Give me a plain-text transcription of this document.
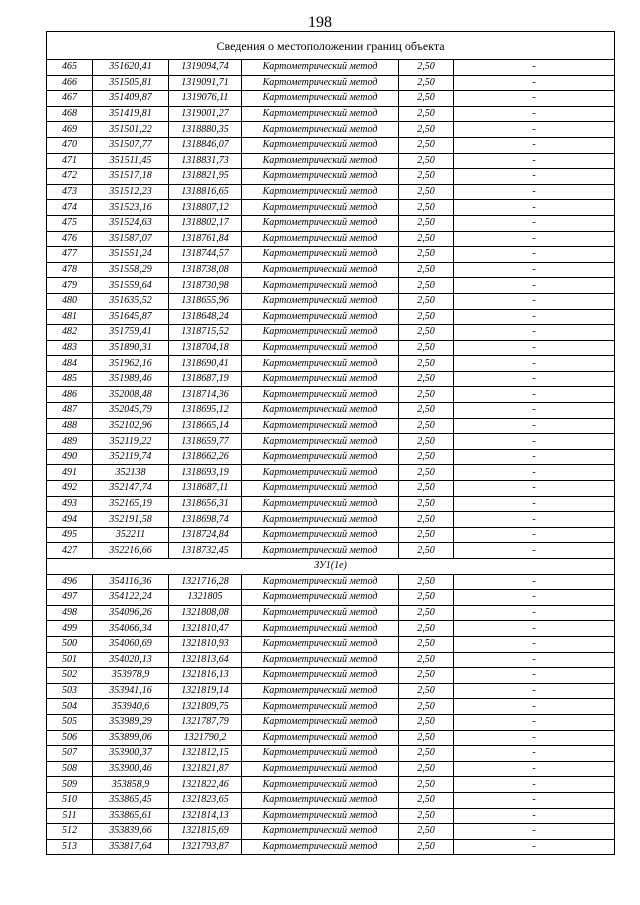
198
Сведения о местоположении границ объекта					
465	351620,41	1319094,74	Картометрический метод	2,50	-
466	351505,81	1319091,71	Картометрический метод	2,50	-
467	351409,87	1319076,11	Картометрический метод	2,50	-
468	351419,81	1319001,27	Картометрический метод	2,50	-
469	351501,22	1318880,35	Картометрический метод	2,50	-
470	351507,77	1318846,07	Картометрический метод	2,50	-
471	351511,45	1318831,73	Картометрический метод	2,50	-
472	351517,18	1318821,95	Картометрический метод	2,50	-
473	351512,23	1318816,65	Картометрический метод	2,50	-
474	351523,16	1318807,12	Картометрический метод	2,50	-
475	351524,63	1318802,17	Картометрический метод	2,50	-
476	351587,07	1318761,84	Картометрический метод	2,50	-
477	351551,24	1318744,57	Картометрический метод	2,50	-
478	351558,29	1318738,08	Картометрический метод	2,50	-
479	351559,64	1318730,98	Картометрический метод	2,50	-
480	351635,52	1318655,96	Картометрический метод	2,50	-
481	351645,87	1318648,24	Картометрический метод	2,50	-
482	351759,41	1318715,52	Картометрический метод	2,50	-
483	351890,31	1318704,18	Картометрический метод	2,50	-
484	351962,16	1318690,41	Картометрический метод	2,50	-
485	351989,46	1318687,19	Картометрический метод	2,50	-
486	352008,48	1318714,36	Картометрический метод	2,50	-
487	352045,79	1318695,12	Картометрический метод	2,50	-
488	352102,96	1318665,14	Картометрический метод	2,50	-
489	352119,22	1318659,77	Картометрический метод	2,50	-
490	352119,74	1318662,26	Картометрический метод	2,50	-
491	352138	1318693,19	Картометрический метод	2,50	-
492	352147,74	1318687,11	Картометрический метод	2,50	-
493	352165,19	1318656,31	Картометрический метод	2,50	-
494	352191,58	1318698,74	Картометрический метод	2,50	-
495	352211	1318724,84	Картометрический метод	2,50	-
427	352216,66	1318732,45	Картометрический метод	2,50	-
ЗУ1(1е)					
496	354116,36	1321716,28	Картометрический метод	2,50	-
497	354122,24	1321805	Картометрический метод	2,50	-
498	354096,26	1321808,08	Картометрический метод	2,50	-
499	354066,34	1321810,47	Картометрический метод	2,50	-
500	354060,69	1321810,93	Картометрический метод	2,50	-
501	354020,13	1321813,64	Картометрический метод	2,50	-
502	353978,9	1321816,13	Картометрический метод	2,50	-
503	353941,16	1321819,14	Картометрический метод	2,50	-
504	353940,6	1321809,75	Картометрический метод	2,50	-
505	353989,29	1321787,79	Картометрический метод	2,50	-
506	353899,06	1321790,2	Картометрический метод	2,50	-
507	353900,37	1321812,15	Картометрический метод	2,50	-
508	353900,46	1321821,87	Картометрический метод	2,50	-
509	353858,9	1321822,46	Картометрический метод	2,50	-
510	353865,45	1321823,65	Картометрический метод	2,50	-
511	353865,61	1321814,13	Картометрический метод	2,50	-
512	353839,66	1321815,69	Картометрический метод	2,50	-
513	353817,64	1321793,87	Картометрический метод	2,50	-
